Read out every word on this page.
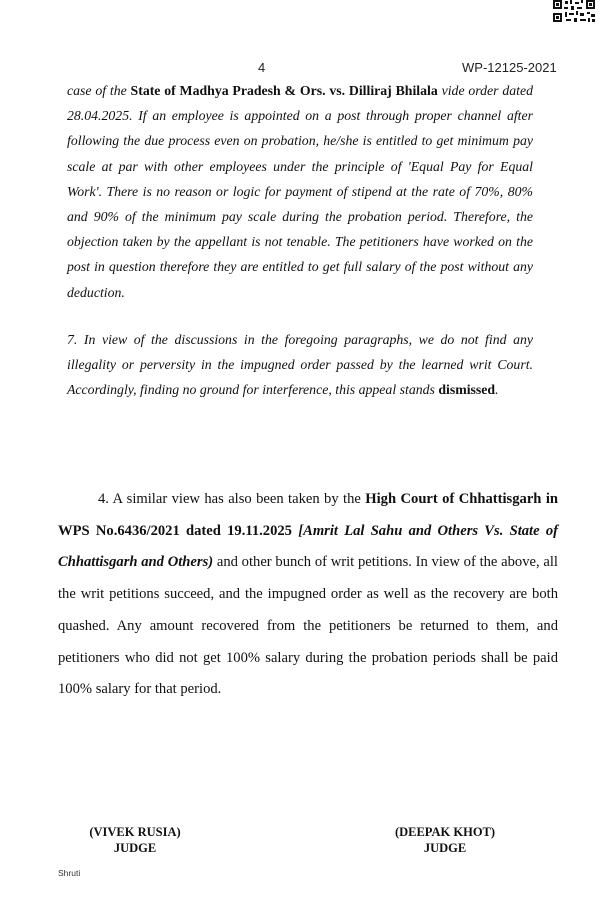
4	WP-12125-2021

case of the State of Madhya Pradesh & Ors. vs. Dilliraj Bhilala vide order dated 28.04.2025. If an employee is appointed on a post through proper channel after following the due process even on probation, he/she is entitled to get minimum pay scale at par with other employees under the principle of 'Equal Pay for Equal Work'. There is no reason or logic for payment of stipend at the rate of 70%, 80% and 90% of the minimum pay scale during the probation period. Therefore, the objection taken by the appellant is not tenable. The petitioners have worked on the post in question therefore they are entitled to get full salary of the post without any deduction.

7. In view of the discussions in the foregoing paragraphs, we do not find any illegality or perversity in the impugned order passed by the learned writ Court. Accordingly, finding no ground for interference, this appeal stands dismissed.

4. A similar view has also been taken by the High Court of Chhattisgarh in WPS No.6436/2021 dated 19.11.2025 [Amrit Lal Sahu and Others Vs. State of Chhattisgarh and Others) and other bunch of writ petitions. In view of the above, all the writ petitions succeed, and the impugned order as well as the recovery are both quashed. Any amount recovered from the petitioners be returned to them, and petitioners who did not get 100% salary during the probation periods shall be paid 100% salary for that period.

(VIVEK RUSIA)
JUDGE
(DEEPAK KHOT)
JUDGE
Shruti
